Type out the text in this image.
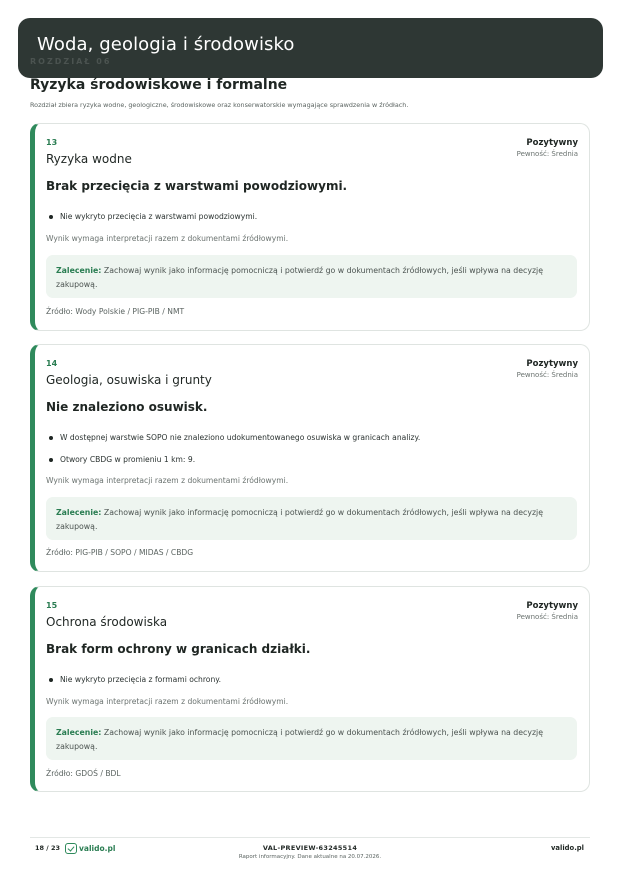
Woda, geologia i środowisko
ROZDZIAŁ 06
Ryzyka środowiskowe i formalne
Rozdział zbiera ryzyka wodne, geologiczne, środowiskowe oraz konserwatorskie wymagające sprawdzenia w źródłach.
13
Ryzyka wodne
Pozytywny
Pewność: Średnia
Brak przecięcia z warstwami powodziowymi.
Nie wykryto przecięcia z warstwami powodziowymi.
Wynik wymaga interpretacji razem z dokumentami źródłowymi.
Zalecenie: Zachowaj wynik jako informację pomocniczą i potwierdź go w dokumentach źródłowych, jeśli wpływa na decyzję zakupową.
Źródło: Wody Polskie / PIG-PIB / NMT
14
Geologia, osuwiska i grunty
Pozytywny
Pewność: Średnia
Nie znaleziono osuwisk.
W dostępnej warstwie SOPO nie znaleziono udokumentowanego osuwiska w granicach analizy.
Otwory CBDG w promieniu 1 km: 9.
Wynik wymaga interpretacji razem z dokumentami źródłowymi.
Zalecenie: Zachowaj wynik jako informację pomocniczą i potwierdź go w dokumentach źródłowych, jeśli wpływa na decyzję zakupową.
Źródło: PIG-PIB / SOPO / MIDAS / CBDG
15
Ochrona środowiska
Pozytywny
Pewność: Średnia
Brak form ochrony w granicach działki.
Nie wykryto przecięcia z formami ochrony.
Wynik wymaga interpretacji razem z dokumentami źródłowymi.
Zalecenie: Zachowaj wynik jako informację pomocniczą i potwierdź go w dokumentach źródłowych, jeśli wpływa na decyzję zakupową.
Źródło: GDOŚ / BDL
18 / 23	valido.pl	VAL-PREVIEW-63245514
Raport informacyjny. Dane aktualne na 20.07.2026.
valido.pl
